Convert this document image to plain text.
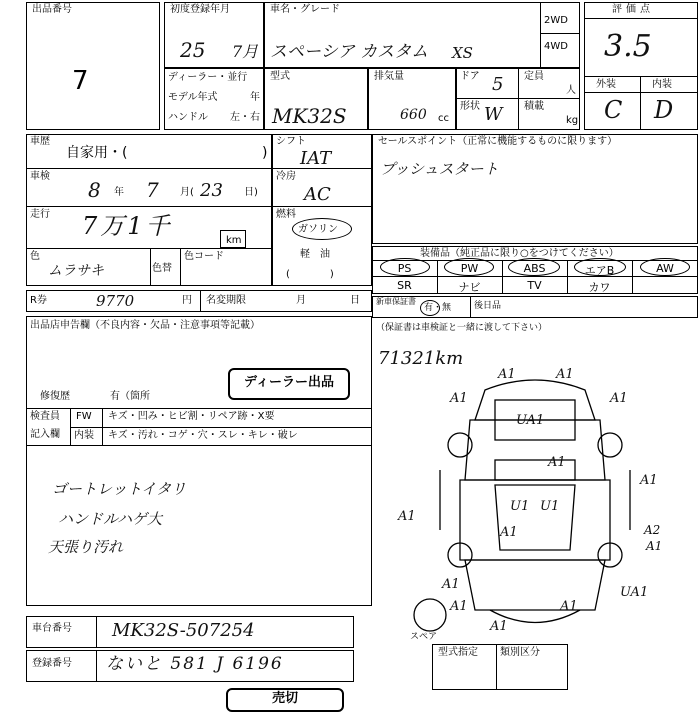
出品番号
7
初度登録年月
25 7月
車名・グレード
スペーシア カスタム XS
2WD
4WD
評価点
3.5
外装	内装
C D
ディーラー・並行
モデル年式	年
ハンドル 左・右
型式
MK32S
排気量
660 cc
ドア 5 定員
人
形状 W 積載
kg
車歴
自家用・(	)
車検
8 年 7 月( 23 日)
走行 7万1千
km
色
ムラサキ	色替
色コード
シフト
IAT
冷房
AC
燃料
ガソリン
軽　油
(　　　　)
セールスポイント（正常に機能するものに限ります）
プッシュスタート
装備品（純正品に限り○をつけてください）
PS	PW	ABS	エアB	AW
SR	ナビ	TV	カワ
R券	9770	円 名変期限	月	日 新車保証書
有・無	後日品
（保証書は車検証と一緒に渡して下さい）
出品店申告欄（不良内容・欠品・注意事項等記載）
修復歴	有（箇所
ディーラー出品
検査員
記入欄
FW キズ・凹み・ヒビ割・リペア跡・X要
内装 キズ・汚れ・コゲ・穴・スレ・キレ・破レ
ゴートレットイタリ
ハンドルハゲ大
天張り汚れ
71321km
スペア
A1	A1
A1	A1
UA1
A1
A1
U1 U1
A1
A1	A2
A1
A1
UA1
A1	A1
A1
型式指定 類別区分
車台番号 MK32S-507254
登録番号 ないと 581 J 6196
売切
